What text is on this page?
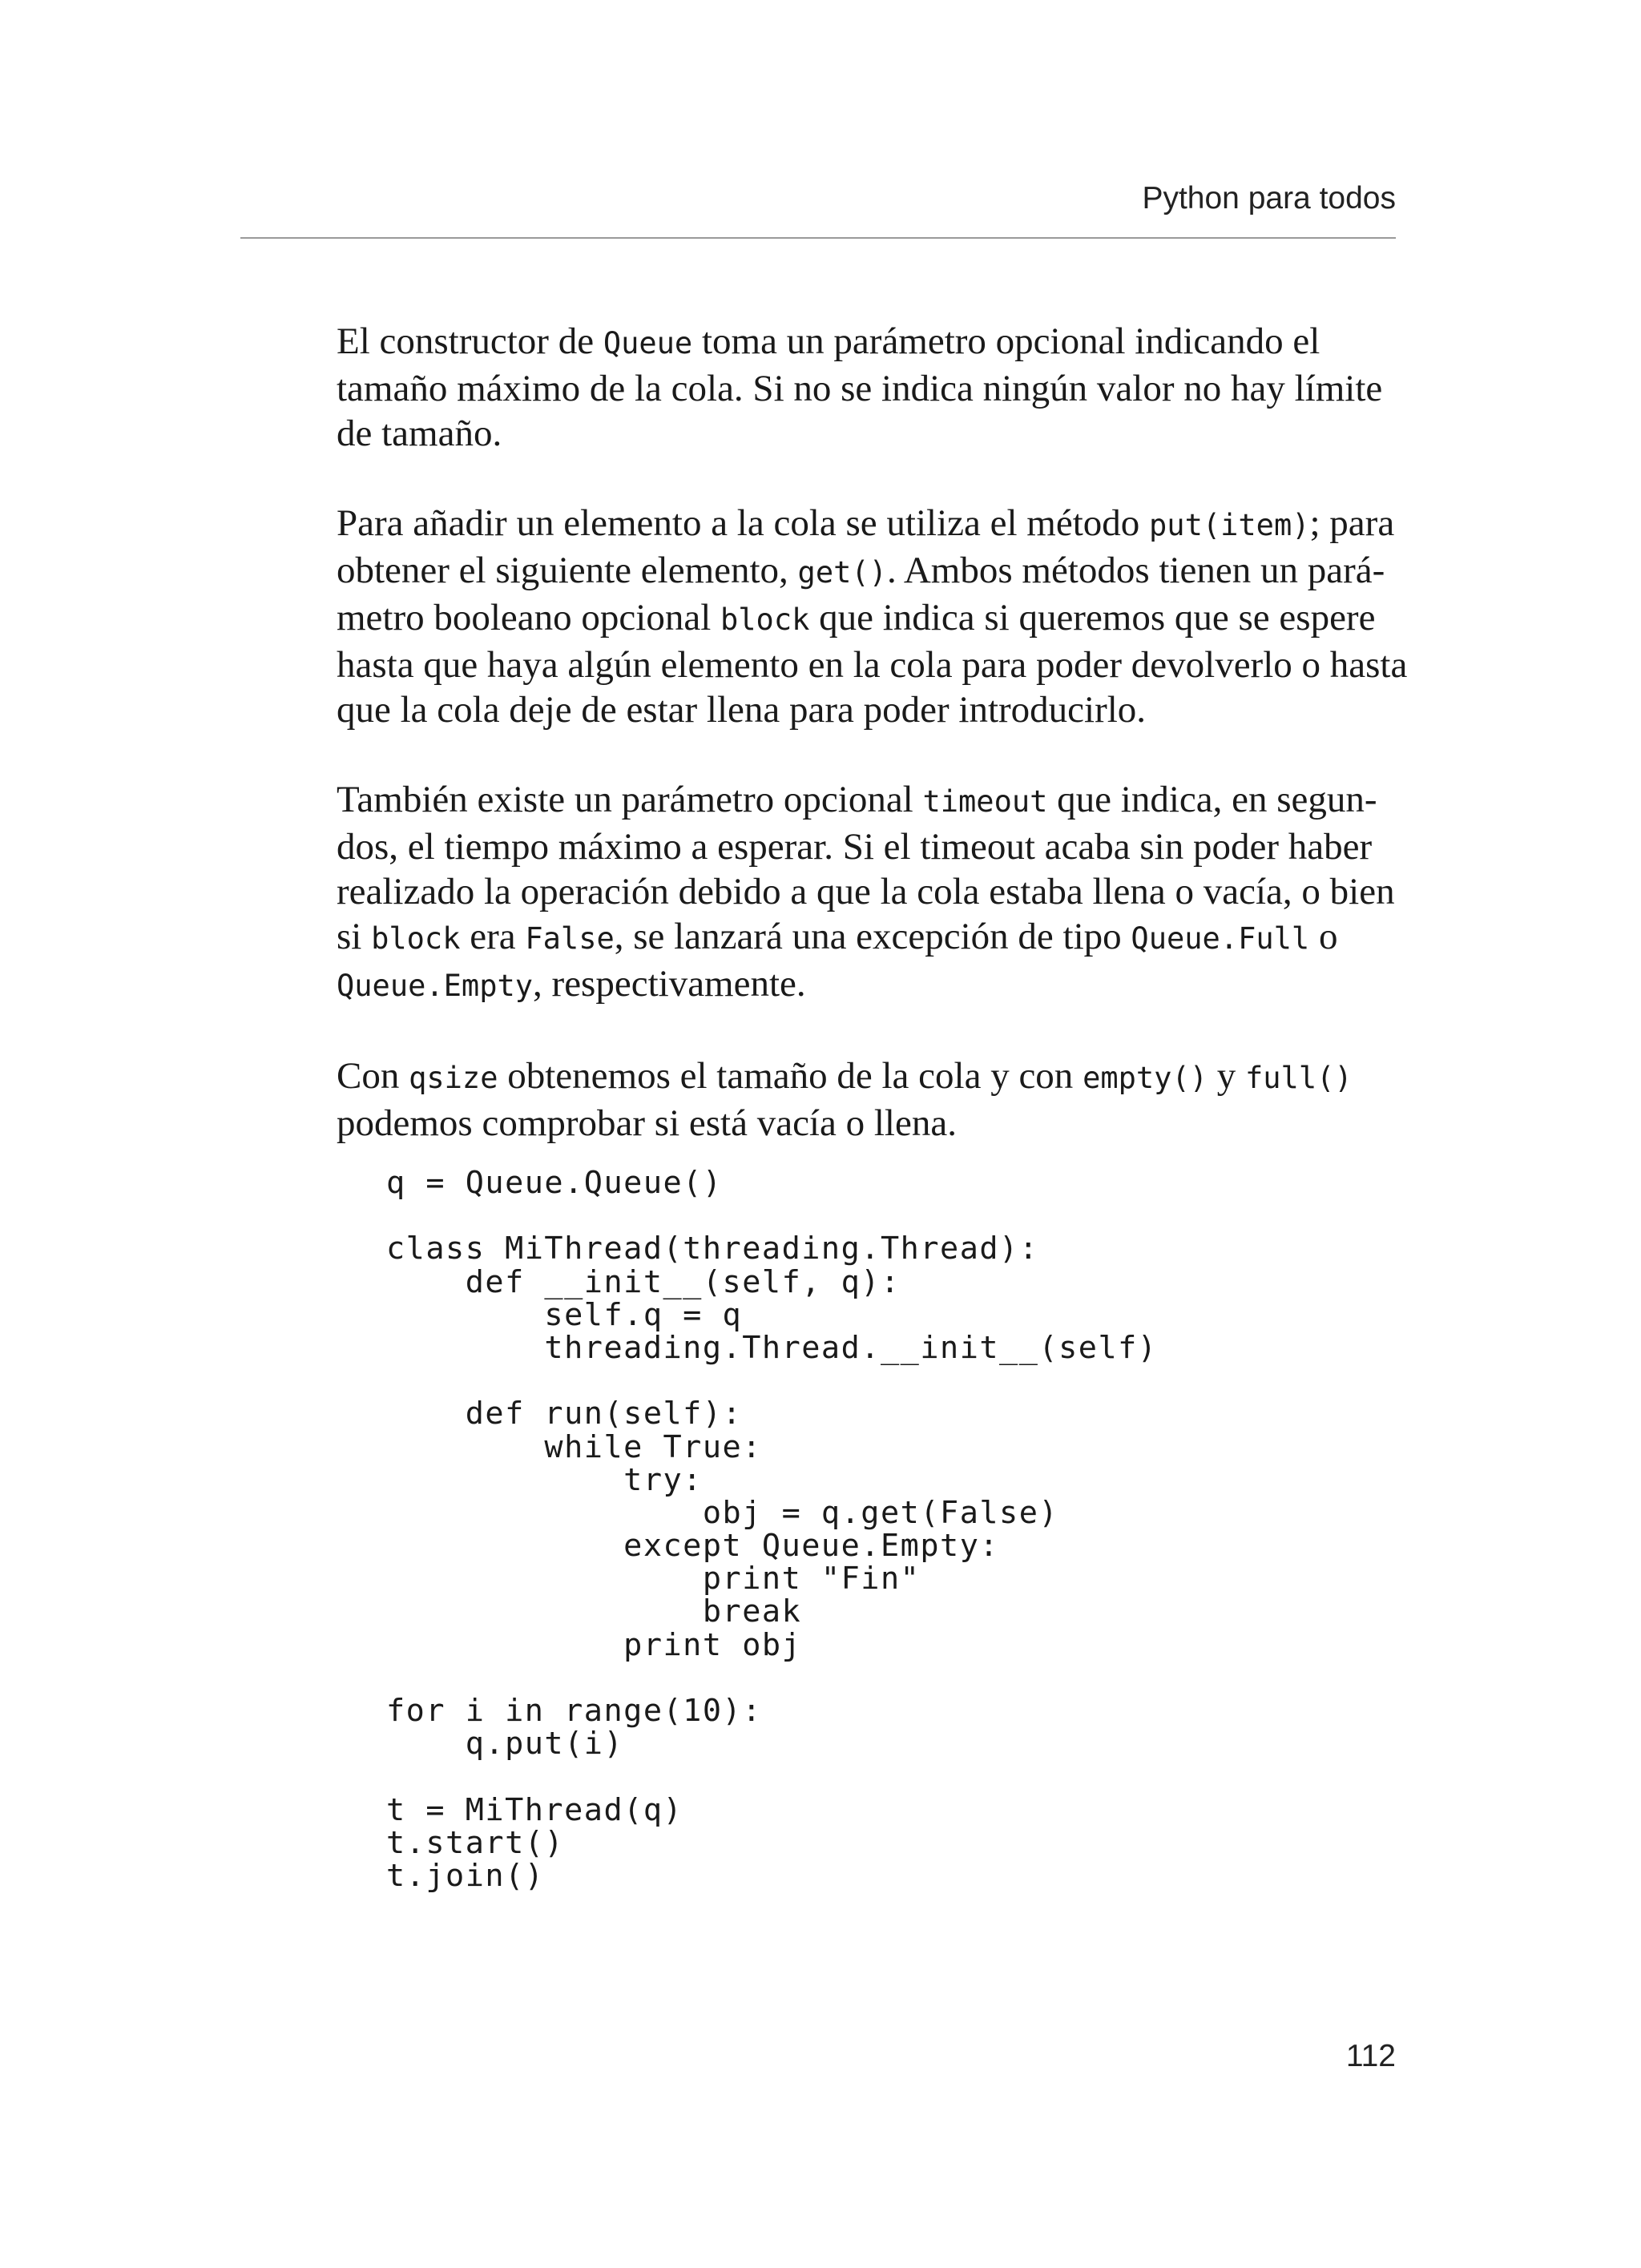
Python para todos

El constructor de Queue toma un parámetro opcional indicando el
tamaño máximo de la cola. Si no se indica ningún valor no hay límite
de tamaño.

Para añadir un elemento a la cola se utiliza el método put(item); para
obtener el siguiente elemento, get(). Ambos métodos tienen un pará-
metro booleano opcional block que indica si queremos que se espere
hasta que haya algún elemento en la cola para poder devolverlo o hasta
que la cola deje de estar llena para poder introducirlo.

También existe un parámetro opcional timeout que indica, en segun-
dos, el tiempo máximo a esperar. Si el timeout acaba sin poder haber
realizado la operación debido a que la cola estaba llena o vacía, o bien
si block era False, se lanzará una excepción de tipo Queue.Full o
Queue.Empty, respectivamente.

Con qsize obtenemos el tamaño de la cola y con empty() y full()
podemos comprobar si está vacía o llena.

q = Queue.Queue()
class MiThread(threading.Thread):
def __init__(self, q):
self.q = q
threading.Thread.__init__(self)
def run(self):
while True:
try:
obj = q.get(False)
except Queue.Empty:
print "Fin"
break
print obj
for i in range(10):
q.put(i)
t = MiThread(q)
t.start()
t.join()
112
